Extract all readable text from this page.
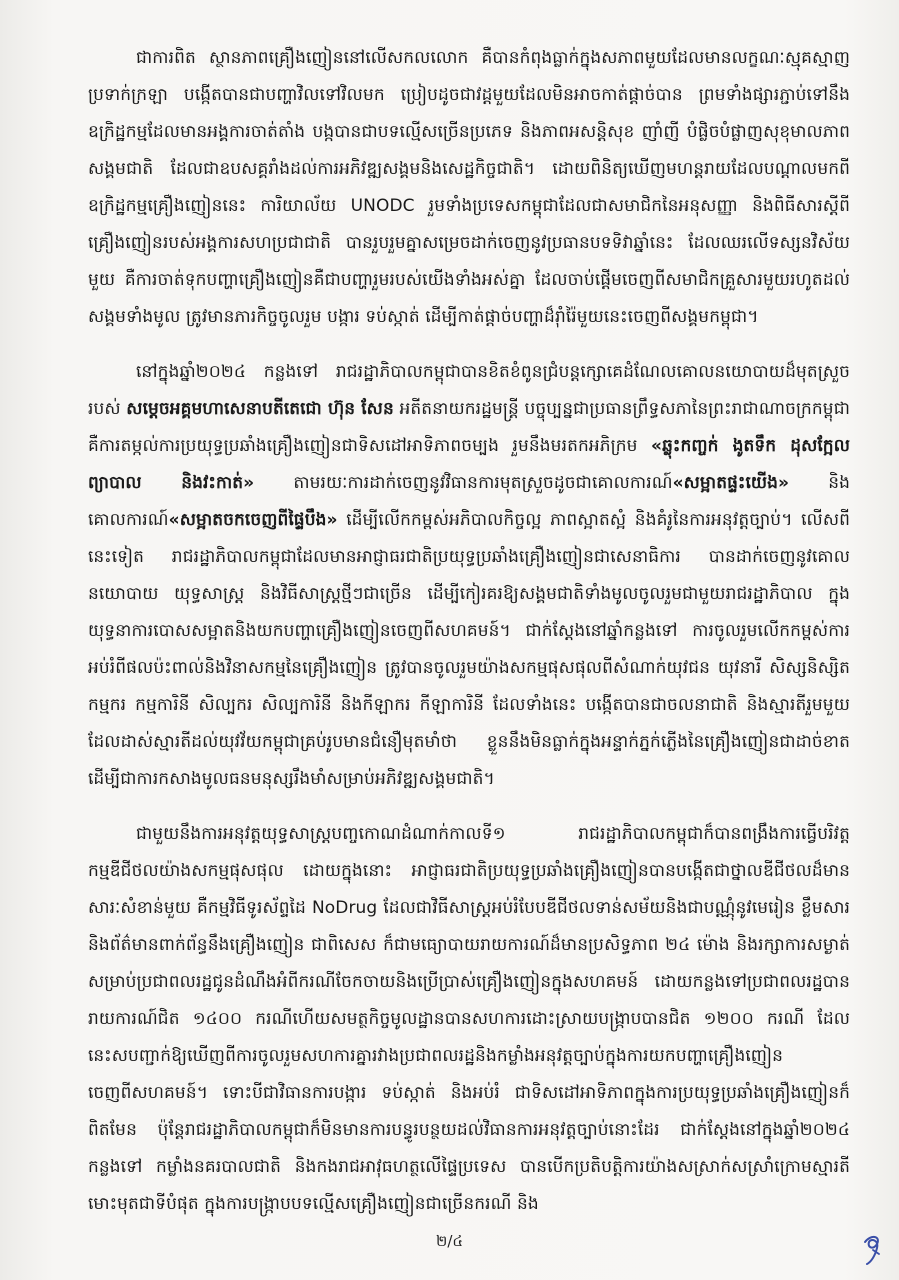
ជាការពិត ស្ថានភាពគ្រឿងញៀននៅលើសកលលោក គឺបានកំពុងធ្លាក់ក្នុងសភាពមួយដែលមានលក្ខណៈស្មុគស្មាញ ប្រទាក់ក្រឡា បង្កើតបានជាបញ្ហាវិលទៅវិលមក ប្រៀបដូចជាវដ្តមួយដែលមិនអាចកាត់ផ្តាច់បាន ព្រមទាំងផ្សារភ្ជាប់ទៅនឹងឧក្រិដ្ឋកម្មដែលមានអង្គការចាត់តាំង បង្កបានជាបទល្មើសច្រើនប្រភេទ និងភាពអសន្តិសុខ ញាំញី បំផ្លិចបំផ្លាញសុខុមាលភាពសង្គមជាតិ ដែលជាឧបសគ្គរាំងដល់ការអភិវឌ្ឍសង្គមនិងសេដ្ឋកិច្ចជាតិ។ ដោយពិនិត្យឃើញមហន្តរាយដែលបណ្តាលមកពីឧក្រិដ្ឋកម្មគ្រឿងញៀននេះ ការិយាល័យ UNODC រួមទាំងប្រទេសកម្ពុជាដែលជាសមាជិកនៃអនុសញ្ញា និងពិធីសារស្តីពីគ្រឿងញៀនរបស់អង្គការសហប្រជាជាតិ បានរួបរួមគ្នាសម្រេចដាក់ចេញនូវប្រធានបទទិវាឆ្នាំនេះ ដែលឈរលើទស្សនវិស័យមួយ គឺការចាត់ទុកបញ្ហាគ្រឿងញៀនគឺជាបញ្ហារួមរបស់យើងទាំងអស់គ្នា ដែលចាប់ផ្តើមចេញពីសមាជិកគ្រួសារមួយរហូតដល់សង្គមទាំងមូល ត្រូវមានភារកិច្ចចូលរួម បង្ការ ទប់ស្កាត់ ដើម្បីកាត់ផ្តាច់បញ្ហាដ៏រ៉ាំរ៉ៃមួយនេះចេញពីសង្គមកម្ពុជា។

នៅក្នុងឆ្នាំ២០២៤ កន្លងទៅ រាជរដ្ឋាភិបាលកម្ពុជាបានខិតខំពូនជ្រំបន្តក្សោគេដំណែលគោលនយោបាយដ៏មុតស្រួចរបស់ សម្តេចអគ្គមហាសេនាបតីតេជោ ហ៊ុន សែន អតីតនាយករដ្ឋមន្ត្រី បច្ចុប្បន្នជាប្រធានព្រឹទ្ធសភានៃព្រះរាជាណាចក្រកម្ពុជា គឺការតម្កល់ការប្រយុទ្ធប្រឆាំងគ្រឿងញៀនជាទិសដៅអាទិភាពចម្បង រួមនឹងមរតកអភិក្រម «ឆ្លុះកញ្ចក់ ងូតទឹក ដុសក្អែល ព្យាបាល និងវះកាត់» តាមរយៈការដាក់ចេញនូវវិធានការមុតស្រួចដូចជាគោលការណ៍«សម្អាតផ្ទះយើង» និងគោលការណ៍«សម្អាតចកចេញពីផ្ទៃបឹង» ដើម្បីលើកកម្ពស់អភិបាលកិច្ចល្អ ភាពស្អាតស្អំ និងគំរូនៃការអនុវត្តច្បាប់។ លើសពីនេះទៀត រាជរដ្ឋាភិបាលកម្ពុជាដែលមានអាជ្ញាធរជាតិប្រយុទ្ធប្រឆាំងគ្រឿងញៀនជាសេនាធិការ បានដាក់ចេញនូវគោលនយោបាយ យុទ្ធសាស្ត្រ និងវិធីសាស្ត្រថ្មីៗជាច្រើន ដើម្បីកៀរគរឱ្យសង្គមជាតិទាំងមូលចូលរួមជាមួយរាជរដ្ឋាភិបាល ក្នុងយុទ្ធនាការបោសសម្អាតនិងយកបញ្ហាគ្រឿងញៀនចេញពីសហគមន៍។ ជាក់ស្តែងនៅឆ្នាំកន្លងទៅ ការចូលរួមលើកកម្ពស់ការអប់រំពីផលប៉ះពាល់និងវិនាសកម្មនៃគ្រឿងញៀន ត្រូវបានចូលរួមយ៉ាងសកម្មផុសផុលពីសំណាក់យុវជន យុវនារី សិស្សនិស្សិត កម្មករ កម្មការិនី សិល្បករ សិល្បការិនី និងកីឡាករ កីឡាការិនី ដែលទាំងនេះ បង្កើតបានជាចលនាជាតិ និងស្មារតីរួមមួយ ដែលដាស់ស្មារតីដល់យុវវ័យកម្ពុជាគ្រប់រូបមានជំនឿមុតមាំថា ខ្លួននឹងមិនធ្លាក់ក្នុងអន្ទាក់ភ្នក់ភ្លើងនៃគ្រឿងញៀនជាដាច់ខាត ដើម្បីជាការកសាងមូលធនមនុស្សរឹងមាំសម្រាប់អភិវឌ្ឍសង្គមជាតិ។

ជាមួយនឹងការអនុវត្តយុទ្ធសាស្ត្របញ្ចកោណដំណាក់កាលទី១ រាជរដ្ឋាភិបាលកម្ពុជាក៏បានពង្រឹងការធ្វើបរិវត្តកម្មឌីជីថលយ៉ាងសកម្មផុសផុល ដោយក្នុងនោះ អាជ្ញាធរជាតិប្រយុទ្ធប្រឆាំងគ្រឿងញៀនបានបង្កើតជាថ្នាលឌីជីថលដ៏មានសារៈសំខាន់មួយ គឺកម្មវិធីទូរស័ព្ទដៃ NoDrug ដែលជាវិធីសាស្ត្រអប់រំបែបឌីជីថលទាន់សម័យនិងជាបណ្ណុំនូវមេរៀន ខ្លឹមសារ និងព័ត៌មានពាក់ព័ន្ធនឹងគ្រឿងញៀន ជាពិសេស ក៏ជាមធ្យោបាយរាយការណ៍ដ៏មានប្រសិទ្ធភាព ២៤ ម៉ោង និងរក្សាការសម្ងាត់សម្រាប់ប្រជាពលរដ្ឋជូនដំណឹងអំពីករណីចែកចាយនិងប្រើប្រាស់គ្រឿងញៀនក្នុងសហគមន៍ ដោយកន្លងទៅប្រជាពលរដ្ឋបានរាយការណ៍ជិត ១៤០០ ករណីហើយសមត្ថកិច្ចមូលដ្ឋានបានសហការដោះស្រាយបង្ក្រាបបានជិត ១២០០ ករណី ដែលនេះសបញ្ជាក់ឱ្យឃើញពីការចូលរួមសហការគ្នារវាងប្រជាពលរដ្ឋនិងកម្លាំងអនុវត្តច្បាប់ក្នុងការយកបញ្ហាគ្រឿងញៀនចេញពីសហគមន៍។ ទោះបីជាវិធានការបង្ការ ទប់ស្កាត់ និងអប់រំ ជាទិសដៅអាទិភាពក្នុងការប្រយុទ្ធប្រឆាំងគ្រឿងញៀនក៏ពិតមែន ប៉ុន្តែរាជរដ្ឋាភិបាលកម្ពុជាក៏មិនមានការបន្ធូរបន្ថយដល់វិធានការអនុវត្តច្បាប់នោះដែរ ជាក់ស្តែងនៅក្នុងឆ្នាំ២០២៤ កន្លងទៅ កម្លាំងនគរបាលជាតិ និងកងរាជអាវុធហត្ថលើផ្ទៃប្រទេស បានបើកប្រតិបត្តិការយ៉ាងសស្រាក់សស្រាំក្រោមស្មារតីមោះមុតជាទីបំផុត ក្នុងការបង្ក្រាបបទល្មើសគ្រឿងញៀនជាច្រើនករណី និង

២/៤
